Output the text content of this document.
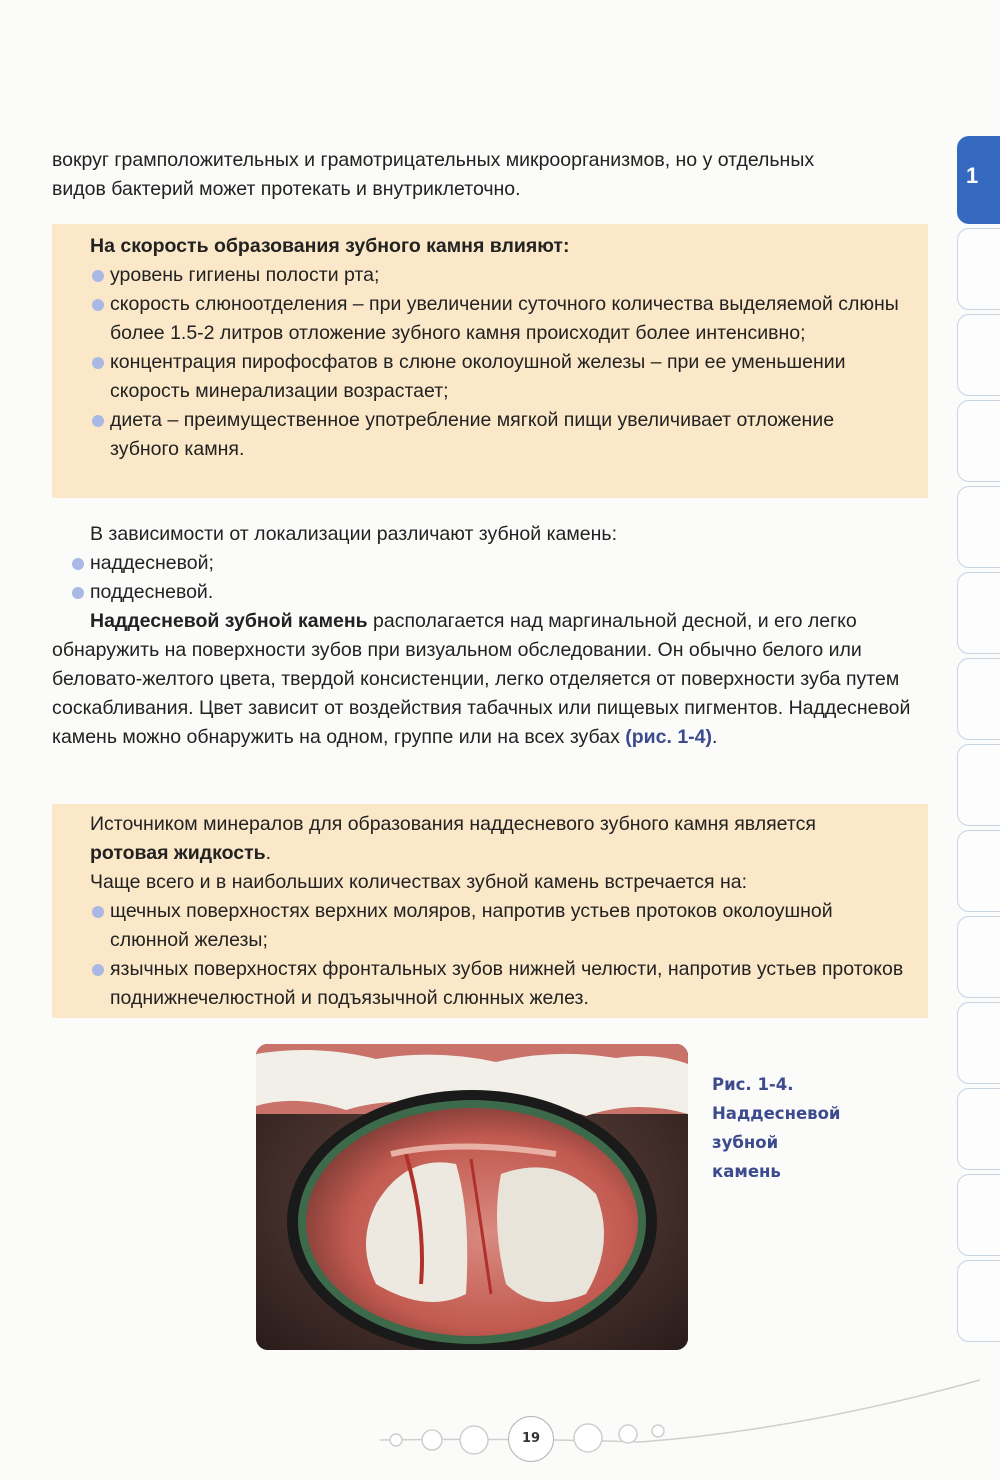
1
вокруг грамположительных и грамотрицательных микроорганизмов, но у отдельных
видов бактерий может протекать и внутриклеточно.
На скорость образования зубного камня влияют:
уровень гигиены полости рта;
скорость слюноотделения – при увеличении суточного количества выделяемой слюны более 1.5-2 литров отложение зубного камня происходит более интенсивно;
концентрация пирофосфатов в слюне околоушной железы – при ее уменьшении скорость минерализации возрастает;
диета – преимущественное употребление мягкой пищи увеличивает отложение зубного камня.
В зависимости от локализации различают зубной камень:
наддесневой;
поддесневой.
Наддесневой зубной камень располагается над маргинальной десной, и его легко обнаружить на поверхности зубов при визуальном обследовании. Он обычно белого или беловато-желтого цвета, твердой консистенции, легко отделяется от поверхности зуба путем соскабливания. Цвет зависит от воздействия табачных или пищевых пигментов. Наддесневой камень можно обнаружить на одном, группе или на всех зубах (рис. 1-4).
Источником минералов для образования наддесневого зубного камня является
ротовая жидкость.
Чаще всего и в наибольших количествах зубной камень встречается на:
щечных поверхностях верхних моляров, напротив устьев протоков околоушной слюнной железы;
язычных поверхностях фронтальных зубов нижней челюсти, напротив устьев протоков поднижнечелюстной и подъязычной слюнных желез.
Рис. 1-4.
Наддесневой
зубной
камень
19
